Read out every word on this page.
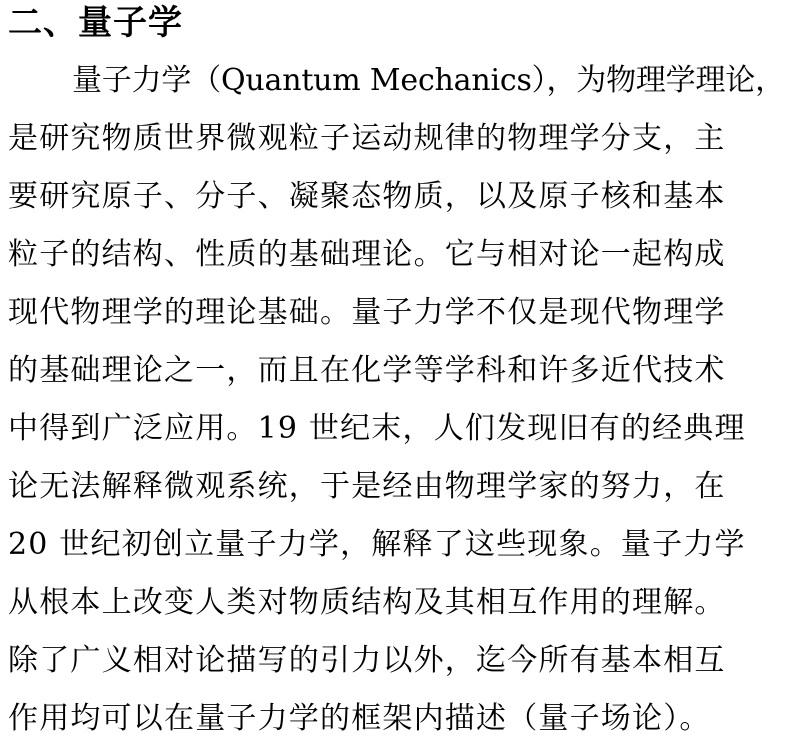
二、量子学
量子力学（Quantum Mechanics），为物理学理论，
是研究物质世界微观粒子运动规律的物理学分支，主
要研究原子、分子、凝聚态物质，以及原子核和基本
粒子的结构、性质的基础理论。它与相对论一起构成
现代物理学的理论基础。量子力学不仅是现代物理学
的基础理论之一，而且在化学等学科和许多近代技术
中得到广泛应用。19 世纪末，人们发现旧有的经典理
论无法解释微观系统，于是经由物理学家的努力，在
20 世纪初创立量子力学，解释了这些现象。量子力学
从根本上改变人类对物质结构及其相互作用的理解。
除了广义相对论描写的引力以外，迄今所有基本相互
作用均可以在量子力学的框架内描述（量子场论）。
